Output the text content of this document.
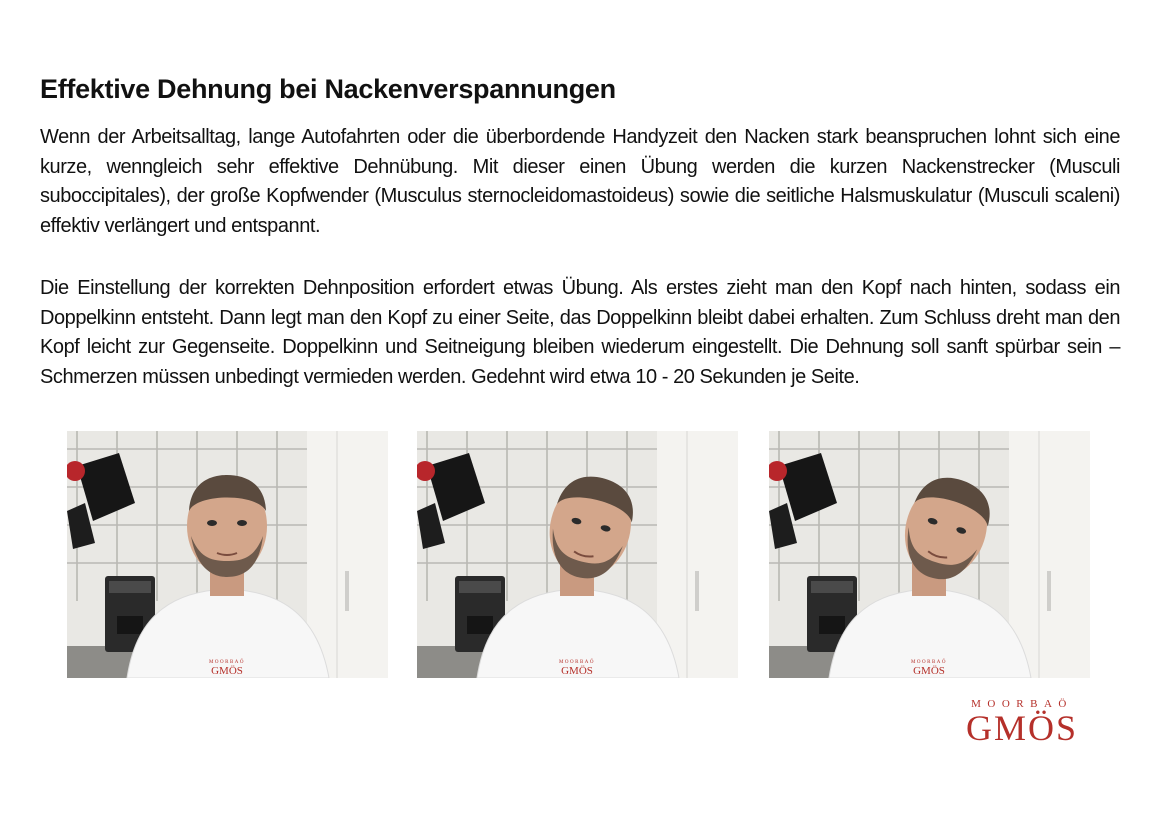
Effektive Dehnung bei Nackenverspannungen

Wenn der Arbeitsalltag, lange Autofahrten oder die überbordende Handyzeit den Nacken stark beanspruchen lohnt sich eine kurze, wenngleich sehr effektive Dehnübung. Mit dieser einen Übung werden die kurzen Nackenstrecker (Musculi suboccipitales), der große Kopfwender (Musculus sternocleidomastoideus) sowie die seitliche Halsmuskulatur (Musculi scaleni) effektiv verlängert und entspannt.

Die Einstellung der korrekten Dehnposition erfordert etwas Übung. Als erstes zieht man den Kopf nach hinten, sodass ein Doppelkinn entsteht. Dann legt man den Kopf zu einer Seite, das Doppelkinn bleibt dabei erhalten. Zum Schluss dreht man den Kopf leicht zur Gegenseite. Doppelkinn und Seitneigung bleiben wiederum eingestellt. Die Dehnung soll sanft spürbar sein – Schmerzen müssen unbedingt vermieden werden. Gedehnt wird etwa 10 - 20 Sekunden je Seite.

MOORBAÖ
GMÖS
MOORBAÖ
GMÖS
MOORBAÖ
GMÖS
MOORBAÖ
GMÖS
